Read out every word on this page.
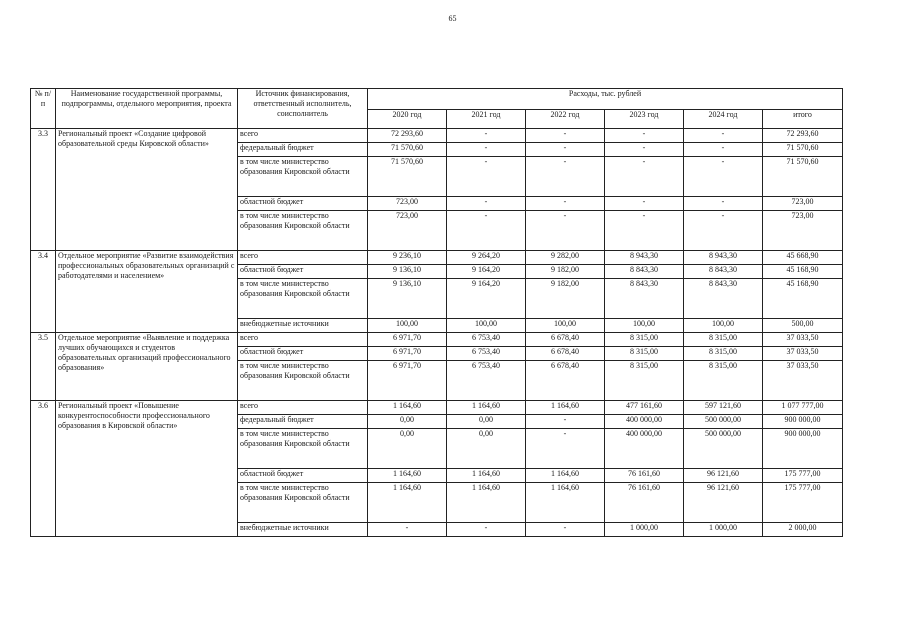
65
№ п/п	Наименование государственной программы, подпрограммы, отдельного мероприятия, проекта	Источник финансирования, ответственный исполнитель, соисполнитель	Расходы, тыс. рублей					
			2020 год	2021 год	2022 год	2023 год	2024 год	итого
3.3	Региональный проект «Создание цифровой образовательной среды Кировской области»	всего	72 293,60	-	-	-	-	72 293,60
		федеральный бюджет	71 570,60	-	-	-	-	71 570,60
		в том числе министерство образования Кировской области	71 570,60	-	-	-	-	71 570,60
		областной бюджет	723,00	-	-	-	-	723,00
		в том числе министерство образования Кировской области	723,00	-	-	-	-	723,00
3.4	Отдельное мероприятие «Развитие взаимодействия профессиональных образовательных организаций с работодателями и населением»	всего	9 236,10	9 264,20	9 282,00	8 943,30	8 943,30	45 668,90
		областной бюджет	9 136,10	9 164,20	9 182,00	8 843,30	8 843,30	45 168,90
		в том числе министерство образования Кировской области	9 136,10	9 164,20	9 182,00	8 843,30	8 843,30	45 168,90
		внебюджетные источники	100,00	100,00	100,00	100,00	100,00	500,00
3.5	Отдельное мероприятие «Выявление и поддержка лучших обучающихся и студентов образовательных организаций профессионального образования»	всего	6 971,70	6 753,40	6 678,40	8 315,00	8 315,00	37 033,50
		областной бюджет	6 971,70	6 753,40	6 678,40	8 315,00	8 315,00	37 033,50
		в том числе министерство образования Кировской области	6 971,70	6 753,40	6 678,40	8 315,00	8 315,00	37 033,50
3.6	Региональный проект «Повышение конкурентоспособности профессионального образования в Кировской области»	всего	1 164,60	1 164,60	1 164,60	477 161,60	597 121,60	1 077 777,00
		федеральный бюджет	0,00	0,00	-	400 000,00	500 000,00	900 000,00
		в том числе министерство образования Кировской области	0,00	0,00	-	400 000,00	500 000,00	900 000,00
		областной бюджет	1 164,60	1 164,60	1 164,60	76 161,60	96 121,60	175 777,00
		в том числе министерство образования Кировской области	1 164,60	1 164,60	1 164,60	76 161,60	96 121,60	175 777,00
		внебюджетные источники	-	-	-	1 000,00	1 000,00	2 000,00
